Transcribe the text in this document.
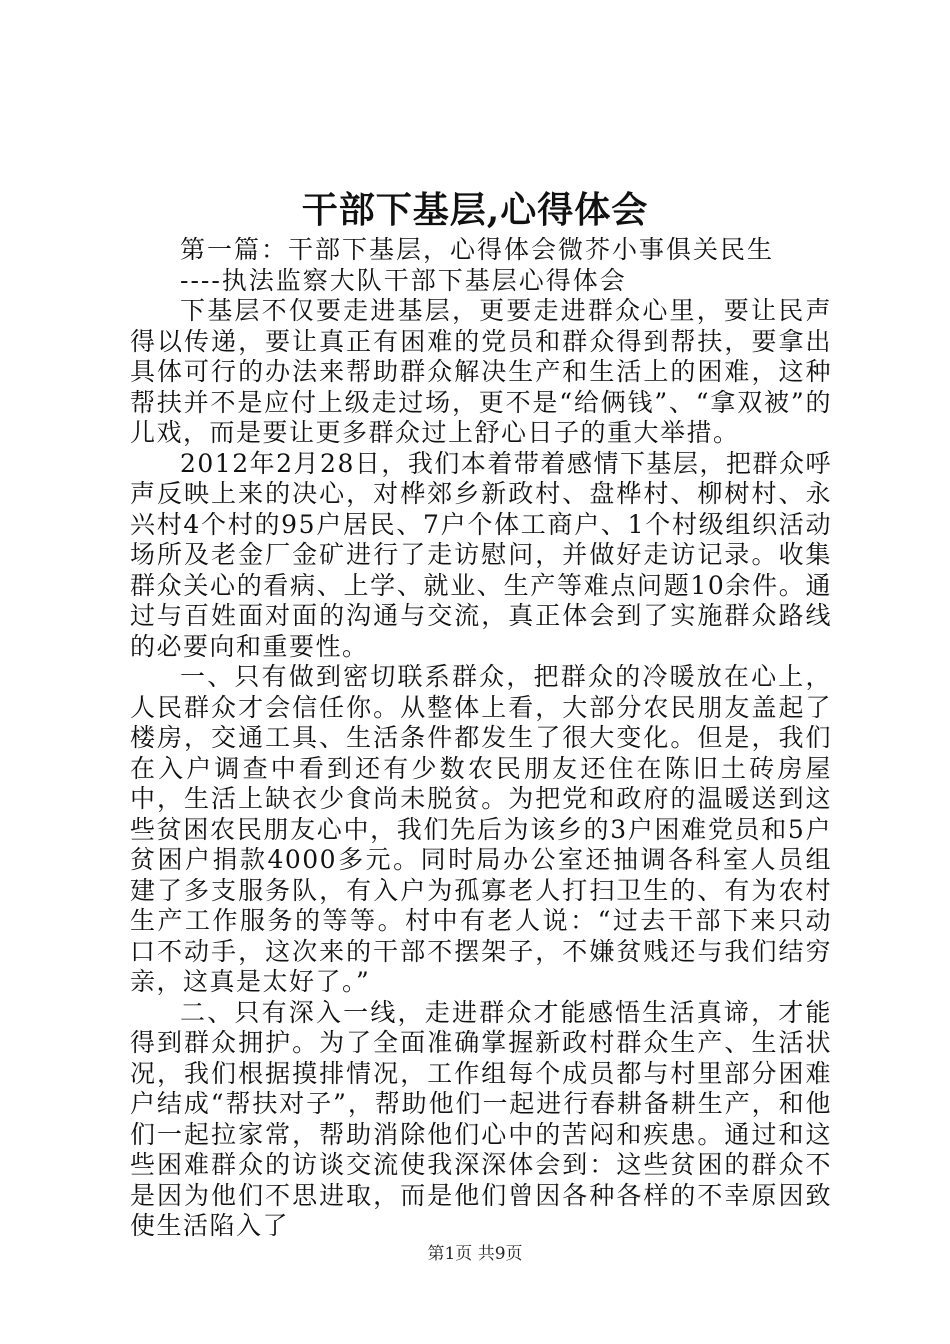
干部下基层,心得体会

第一篇：干部下基层，心得体会微芥小事俱关民生

----执法监察大队干部下基层心得体会

下基层不仅要走进基层，更要走进群众心里，要让民声得以传递，要让真正有困难的党员和群众得到帮扶，要拿出具体可行的办法来帮助群众解决生产和生活上的困难，这种帮扶并不是应付上级走过场，更不是“给俩钱”、“拿双被”的儿戏，而是要让更多群众过上舒心日子的重大举措。

2012年2月28日，我们本着带着感情下基层，把群众呼声反映上来的决心，对桦郊乡新政村、盘桦村、柳树村、永兴村4个村的95户居民、7户个体工商户、1个村级组织活动场所及老金厂金矿进行了走访慰问，并做好走访记录。收集群众关心的看病、上学、就业、生产等难点问题10余件。通过与百姓面对面的沟通与交流，真正体会到了实施群众路线的必要向和重要性。

一、只有做到密切联系群众，把群众的冷暖放在心上，人民群众才会信任你。从整体上看，大部分农民朋友盖起了楼房，交通工具、生活条件都发生了很大变化。但是，我们在入户调查中看到还有少数农民朋友还住在陈旧土砖房屋中，生活上缺衣少食尚未脱贫。为把党和政府的温暖送到这些贫困农民朋友心中，我们先后为该乡的3户困难党员和5户贫困户捐款4000多元。同时局办公室还抽调各科室人员组建了多支服务队，有入户为孤寡老人打扫卫生的、有为农村生产工作服务的等等。村中有老人说：“过去干部下来只动口不动手，这次来的干部不摆架子，不嫌贫贱还与我们结穷亲，这真是太好了。”

二、只有深入一线，走进群众才能感悟生活真谛，才能得到群众拥护。为了全面准确掌握新政村群众生产、生活状况，我们根据摸排情况，工作组每个成员都与村里部分困难户结成“帮扶对子”，帮助他们一起进行春耕备耕生产，和他们一起拉家常，帮助消除他们心中的苦闷和疾患。通过和这些困难群众的访谈交流使我深深体会到：这些贫困的群众不是因为他们不思进取，而是他们曾因各种各样的不幸原因致使生活陷入了

第1页 共9页
